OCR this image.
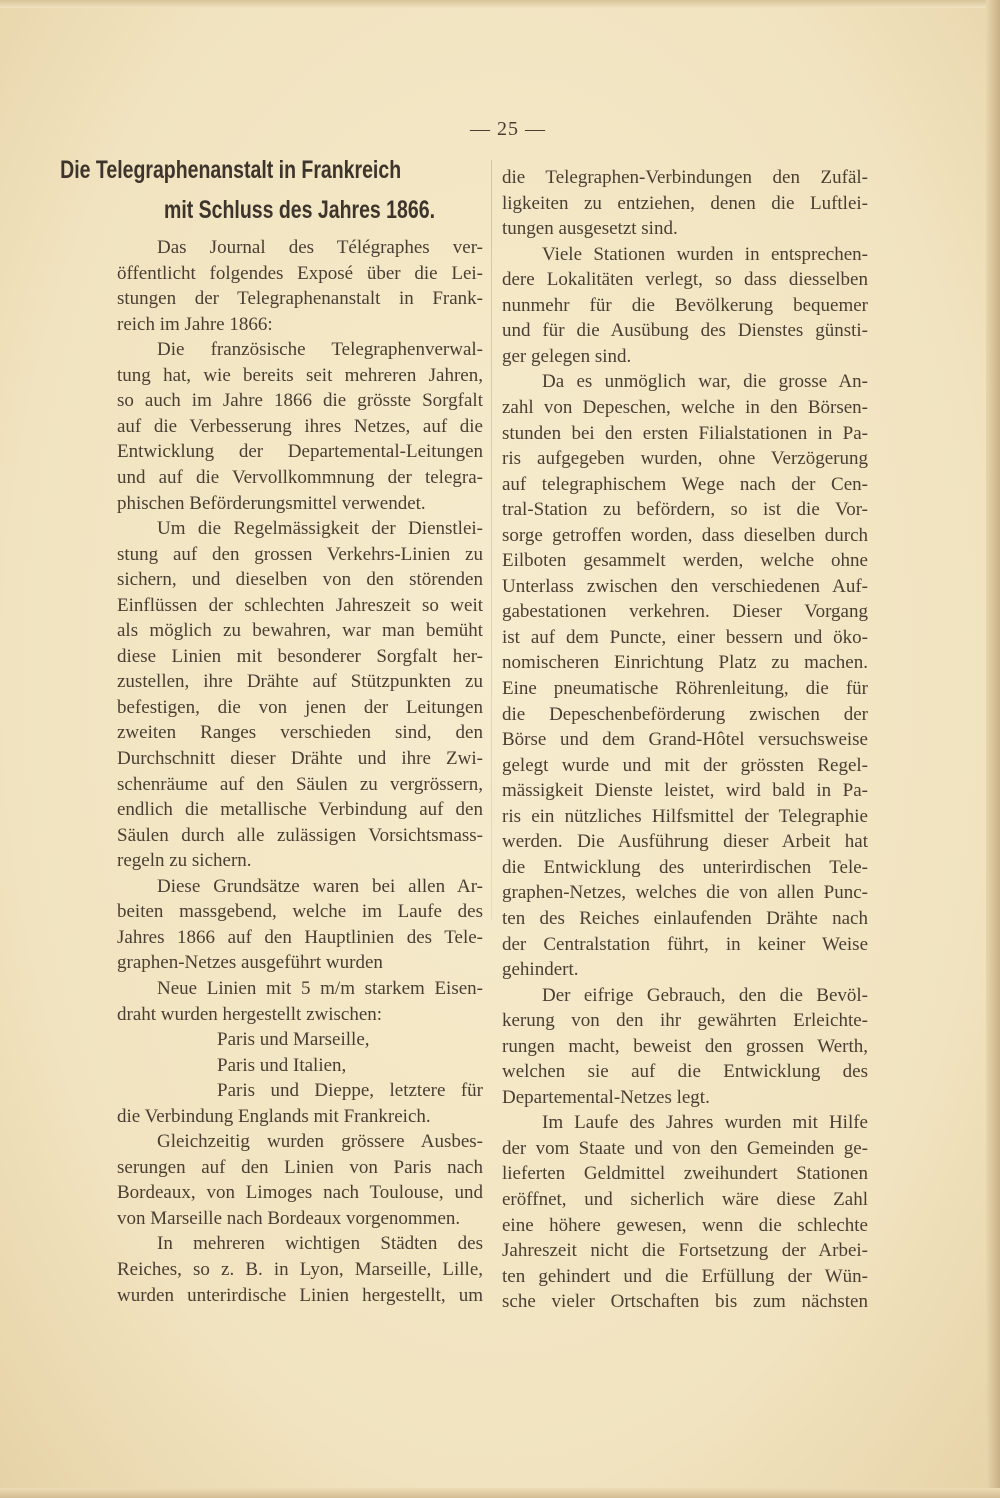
— 25 —
Die Telegraphenanstalt in Frankreich
mit Schluss des Jahres 1866.
Das Journal des Télégraphes ver-
öffentlicht folgendes Exposé über die Lei-
stungen der Telegraphenanstalt in Frank-
reich im Jahre 1866:
Die französische Telegraphenverwal-
tung hat, wie bereits seit mehreren Jahren,
so auch im Jahre 1866 die grösste Sorgfalt
auf die Verbesserung ihres Netzes, auf die
Entwicklung der Departemental-Leitungen
und auf die Vervollkommnung der telegra-
phischen Beförderungsmittel verwendet.
Um die Regelmässigkeit der Dienstlei-
stung auf den grossen Verkehrs-Linien zu
sichern, und dieselben von den störenden
Einflüssen der schlechten Jahreszeit so weit
als möglich zu bewahren, war man bemüht
diese Linien mit besonderer Sorgfalt her-
zustellen, ihre Drähte auf Stützpunkten zu
befestigen, die von jenen der Leitungen
zweiten Ranges verschieden sind, den
Durchschnitt dieser Drähte und ihre Zwi-
schenräume auf den Säulen zu vergrössern,
endlich die metallische Verbindung auf den
Säulen durch alle zulässigen Vorsichtsmass-
regeln zu sichern.
Diese Grundsätze waren bei allen Ar-
beiten massgebend, welche im Laufe des
Jahres 1866 auf den Hauptlinien des Tele-
graphen-Netzes ausgeführt wurden
Neue Linien mit 5 m/m starkem Eisen-
draht wurden hergestellt zwischen:
Paris und Marseille,
Paris und Italien,
Paris und Dieppe, letztere für
die Verbindung Englands mit Frankreich.
Gleichzeitig wurden grössere Ausbes-
serungen auf den Linien von Paris nach
Bordeaux, von Limoges nach Toulouse, und
von Marseille nach Bordeaux vorgenommen.
In mehreren wichtigen Städten des
Reiches, so z. B. in Lyon, Marseille, Lille,
wurden unterirdische Linien hergestellt, um
die Telegraphen-Verbindungen den Zufäl-
ligkeiten zu entziehen, denen die Luftlei-
tungen ausgesetzt sind.
Viele Stationen wurden in entsprechen-
dere Lokalitäten verlegt, so dass diesselben
nunmehr für die Bevölkerung bequemer
und für die Ausübung des Dienstes günsti-
ger gelegen sind.
Da es unmöglich war, die grosse An-
zahl von Depeschen, welche in den Börsen-
stunden bei den ersten Filialstationen in Pa-
ris aufgegeben wurden, ohne Verzögerung
auf telegraphischem Wege nach der Cen-
tral-Station zu befördern, so ist die Vor-
sorge getroffen worden, dass dieselben durch
Eilboten gesammelt werden, welche ohne
Unterlass zwischen den verschiedenen Auf-
gabestationen verkehren. Dieser Vorgang
ist auf dem Puncte, einer bessern und öko-
nomischeren Einrichtung Platz zu machen.
Eine pneumatische Röhrenleitung, die für
die Depeschenbeförderung zwischen der
Börse und dem Grand-Hôtel versuchsweise
gelegt wurde und mit der grössten Regel-
mässigkeit Dienste leistet, wird bald in Pa-
ris ein nützliches Hilfsmittel der Telegraphie
werden. Die Ausführung dieser Arbeit hat
die Entwicklung des unterirdischen Tele-
graphen-Netzes, welches die von allen Punc-
ten des Reiches einlaufenden Drähte nach
der Centralstation führt, in keiner Weise
gehindert.
Der eifrige Gebrauch, den die Bevöl-
kerung von den ihr gewährten Erleichte-
rungen macht, beweist den grossen Werth,
welchen sie auf die Entwicklung des
Departemental-Netzes legt.
Im Laufe des Jahres wurden mit Hilfe
der vom Staate und von den Gemeinden ge-
lieferten Geldmittel zweihundert Stationen
eröffnet, und sicherlich wäre diese Zahl
eine höhere gewesen, wenn die schlechte
Jahreszeit nicht die Fortsetzung der Arbei-
ten gehindert und die Erfüllung der Wün-
sche vieler Ortschaften bis zum nächsten
